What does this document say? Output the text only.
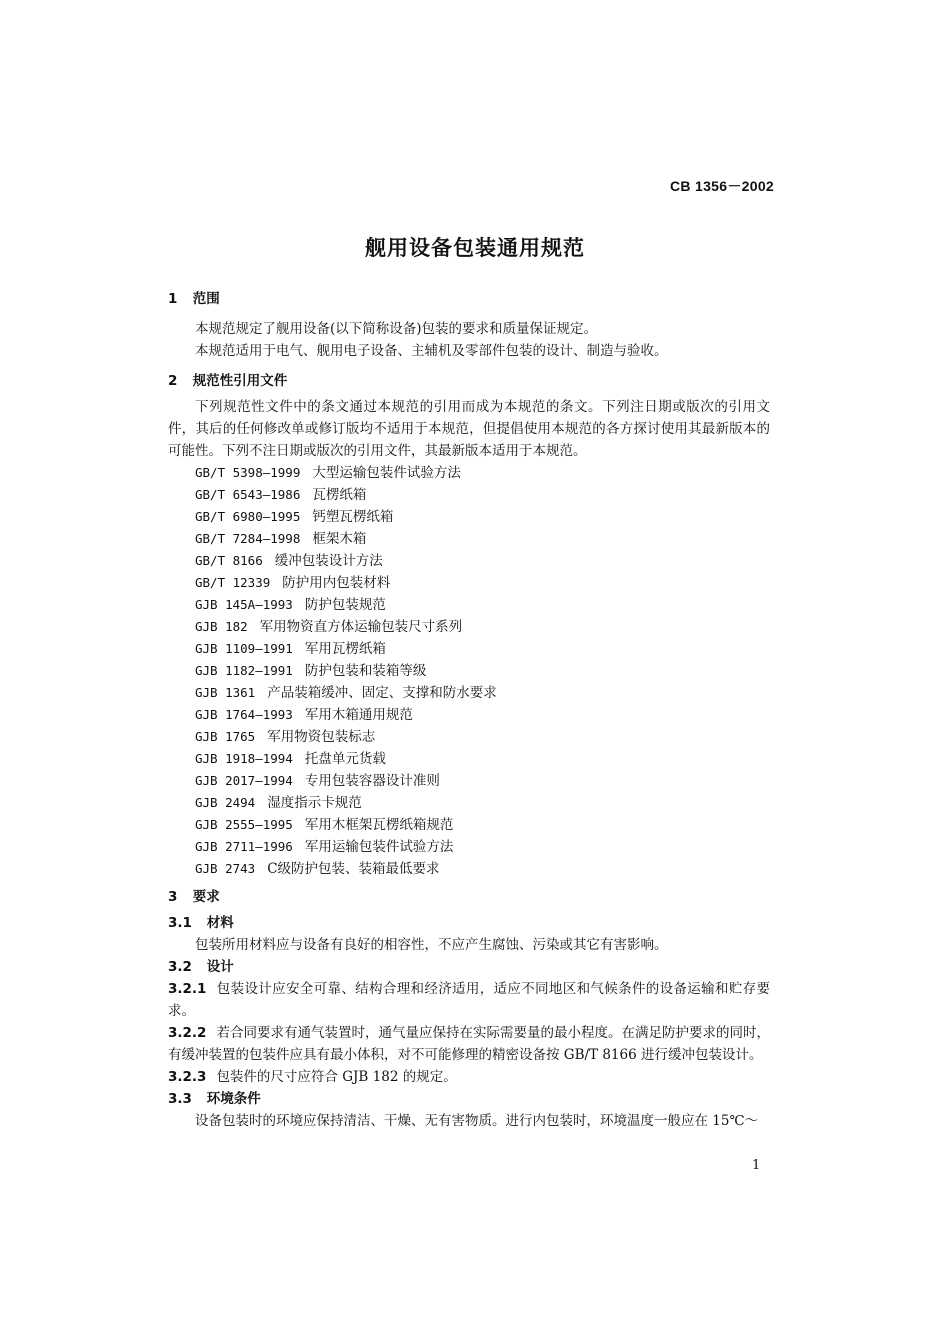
CB 1356－2002
舰用设备包装通用规范

1 范围

本规范规定了舰用设备(以下简称设备)包装的要求和质量保证规定。

本规范适用于电气、舰用电子设备、主辅机及零部件包装的设计、制造与验收。

2 规范性引用文件

下列规范性文件中的条文通过本规范的引用而成为本规范的条文。下列注日期或版次的引用文件，其后的任何修改单或修订版均不适用于本规范，但提倡使用本规范的各方探讨使用其最新版本的可能性。下列不注日期或版次的引用文件，其最新版本适用于本规范。

GB/T 5398—1999 大型运输包装件试验方法
GB/T 6543—1986 瓦楞纸箱
GB/T 6980—1995 钙塑瓦楞纸箱
GB/T 7284—1998 框架木箱
GB/T 8166 缓冲包装设计方法
GB/T 12339 防护用内包装材料
GJB 145A—1993 防护包装规范
GJB 182 军用物资直方体运输包装尺寸系列
GJB 1109—1991 军用瓦楞纸箱
GJB 1182—1991 防护包装和装箱等级
GJB 1361 产品装箱缓冲、固定、支撑和防水要求
GJB 1764—1993 军用木箱通用规范
GJB 1765 军用物资包装标志
GJB 1918—1994 托盘单元货载
GJB 2017—1994 专用包装容器设计准则
GJB 2494 湿度指示卡规范
GJB 2555—1995 军用木框架瓦楞纸箱规范
GJB 2711—1996 军用运输包装件试验方法
GJB 2743 C级防护包装、装箱最低要求

3 要求

3.1 材料

包装所用材料应与设备有良好的相容性，不应产生腐蚀、污染或其它有害影响。

3.2 设计

3.2.1 包装设计应安全可靠、结构合理和经济适用，适应不同地区和气候条件的设备运输和贮存要求。

3.2.2 若合同要求有通气装置时，通气量应保持在实际需要量的最小程度。在满足防护要求的同时，有缓冲装置的包装件应具有最小体积，对不可能修理的精密设备按 GB/T 8166 进行缓冲包装设计。

3.2.3 包装件的尺寸应符合 GJB 182 的规定。

3.3 环境条件

设备包装时的环境应保持清洁、干燥、无有害物质。进行内包装时，环境温度一般应在 15℃～

1
